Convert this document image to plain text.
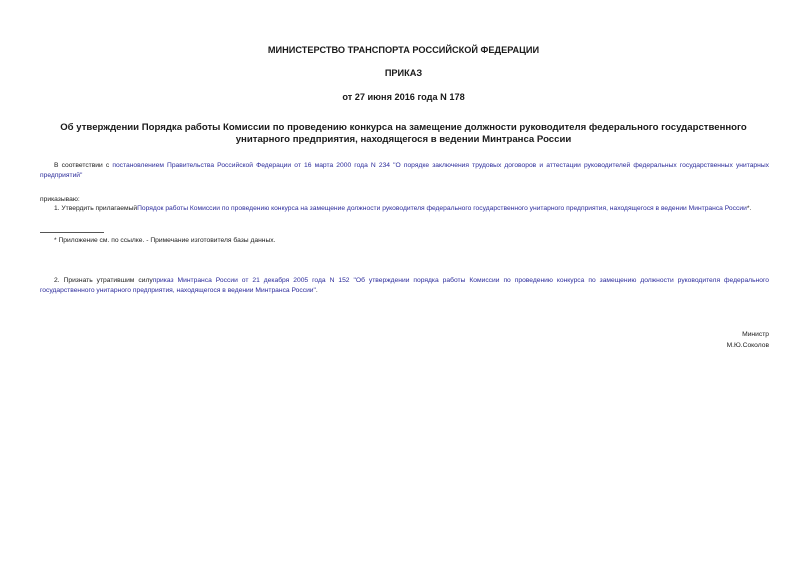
МИНИСТЕРСТВО ТРАНСПОРТА РОССИЙСКОЙ ФЕДЕРАЦИИ
ПРИКАЗ
от 27 июня 2016 года N 178
Об утверждении Порядка работы Комиссии по проведению конкурса на замещение должности руководителя федерального государственного унитарного предприятия, находящегося в ведении Минтранса России
В соответствии с постановлением Правительства Российской Федерации от 16 марта 2000 года N 234 "О порядке заключения трудовых договоров и аттестации руководителей федеральных государственных унитарных предприятий"
приказываю:
1. Утвердить прилагаемыйПорядок работы Комиссии по проведению конкурса на замещение должности руководителя федерального государственного унитарного предприятия, находящегося в ведении Минтранса России*.
* Приложение см. по ссылке. - Примечание изготовителя базы данных.
2. Признать утратившим силуприказ Минтранса России от 21 декабря 2005 года N 152 "Об утверждении порядка работы Комиссии по проведению конкурса по замещению должности руководителя федерального государственного унитарного предприятия, находящегося в ведении Минтранса России".
Министр
М.Ю.Соколов
